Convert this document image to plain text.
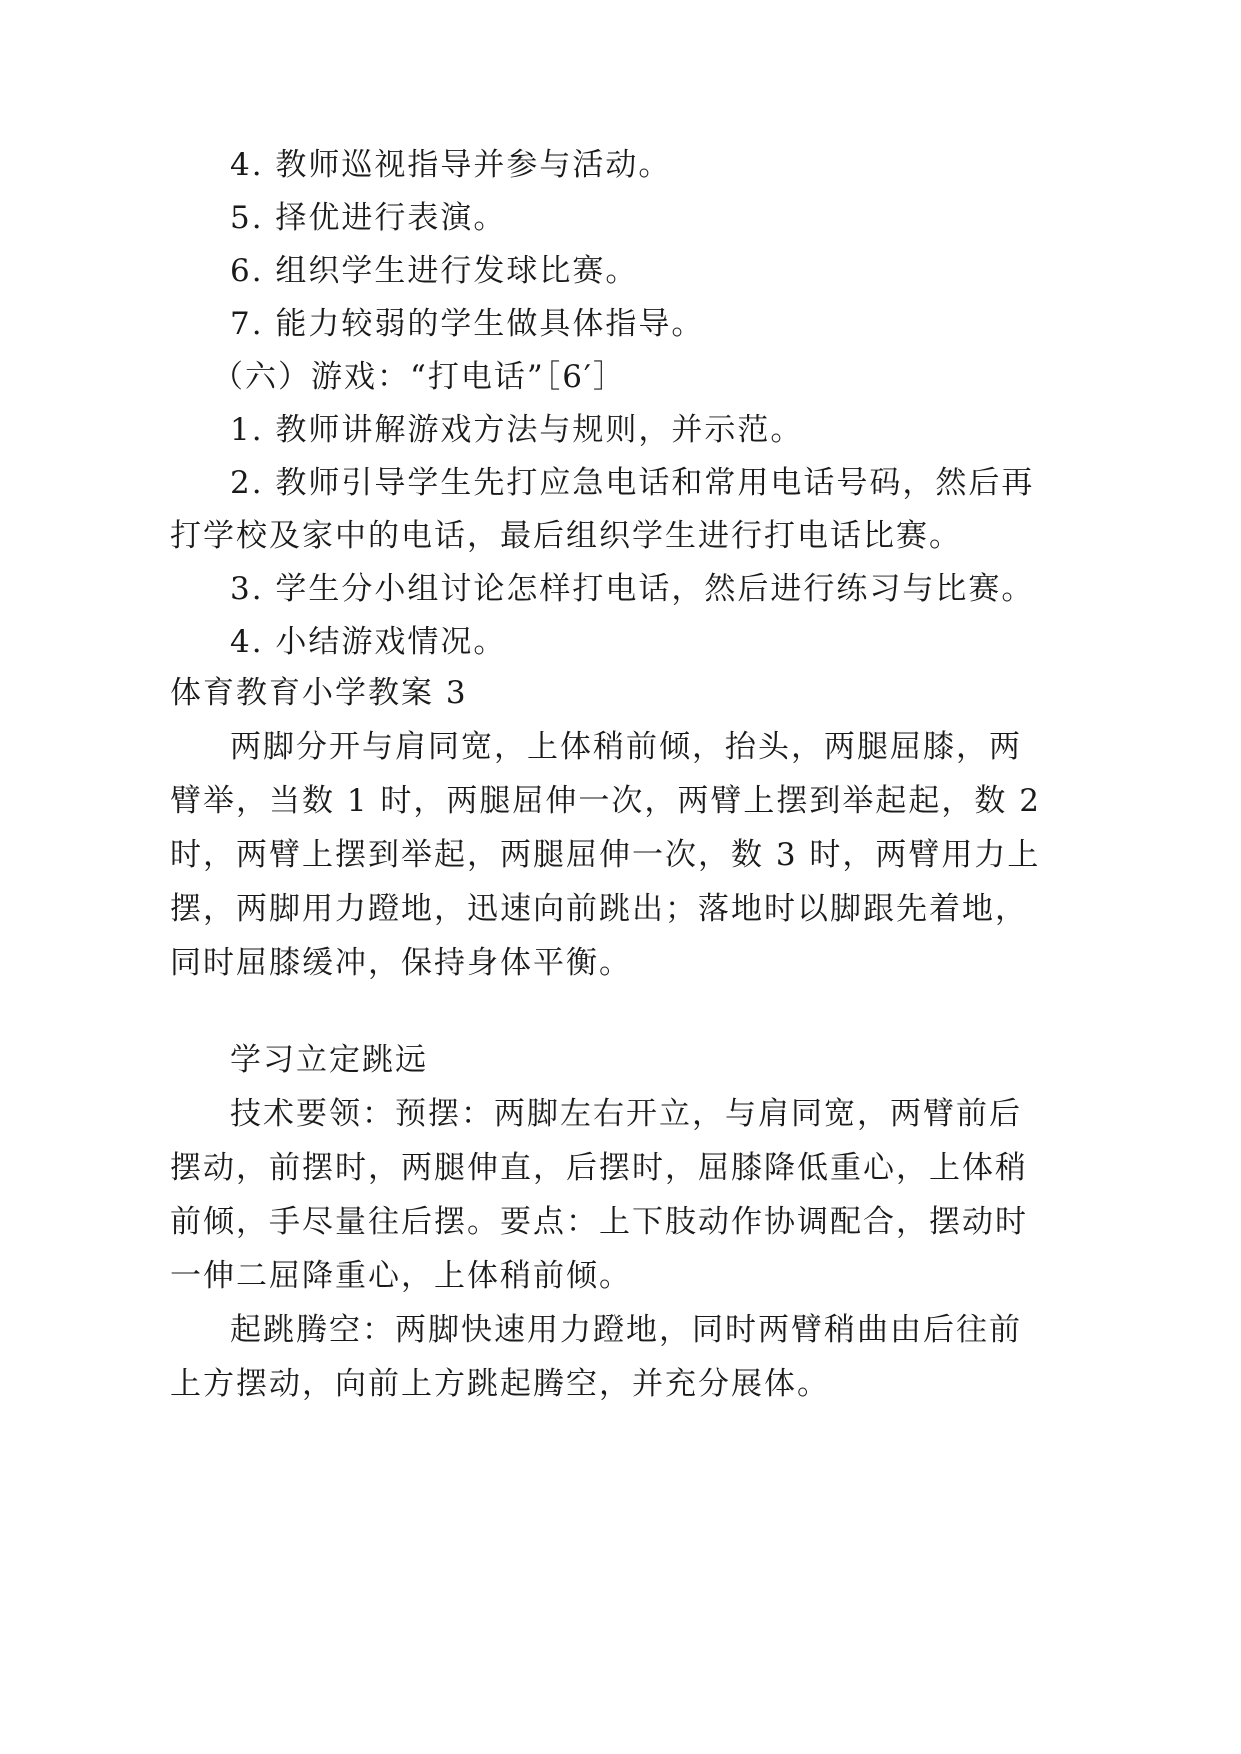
4. 教师巡视指导并参与活动。
5. 择优进行表演。
6. 组织学生进行发球比赛。
7. 能力较弱的学生做具体指导。
（六）游戏：“打电话”［6′］
1. 教师讲解游戏方法与规则，并示范。
2. 教师引导学生先打应急电话和常用电话号码，然后再
打学校及家中的电话，最后组织学生进行打电话比赛。
3. 学生分小组讨论怎样打电话，然后进行练习与比赛。
4. 小结游戏情况。
体育教育小学教案 3
两脚分开与肩同宽，上体稍前倾，抬头，两腿屈膝，两
臂举，当数 1 时，两腿屈伸一次，两臂上摆到举起起，数 2
时，两臂上摆到举起，两腿屈伸一次，数 3 时，两臂用力上
摆，两脚用力蹬地，迅速向前跳出；落地时以脚跟先着地，
同时屈膝缓冲，保持身体平衡。
学习立定跳远
技术要领：预摆：两脚左右开立，与肩同宽，两臂前后
摆动，前摆时，两腿伸直，后摆时，屈膝降低重心，上体稍
前倾，手尽量往后摆。要点：上下肢动作协调配合，摆动时
一伸二屈降重心，上体稍前倾。
起跳腾空：两脚快速用力蹬地，同时两臂稍曲由后往前
上方摆动，向前上方跳起腾空，并充分展体。
